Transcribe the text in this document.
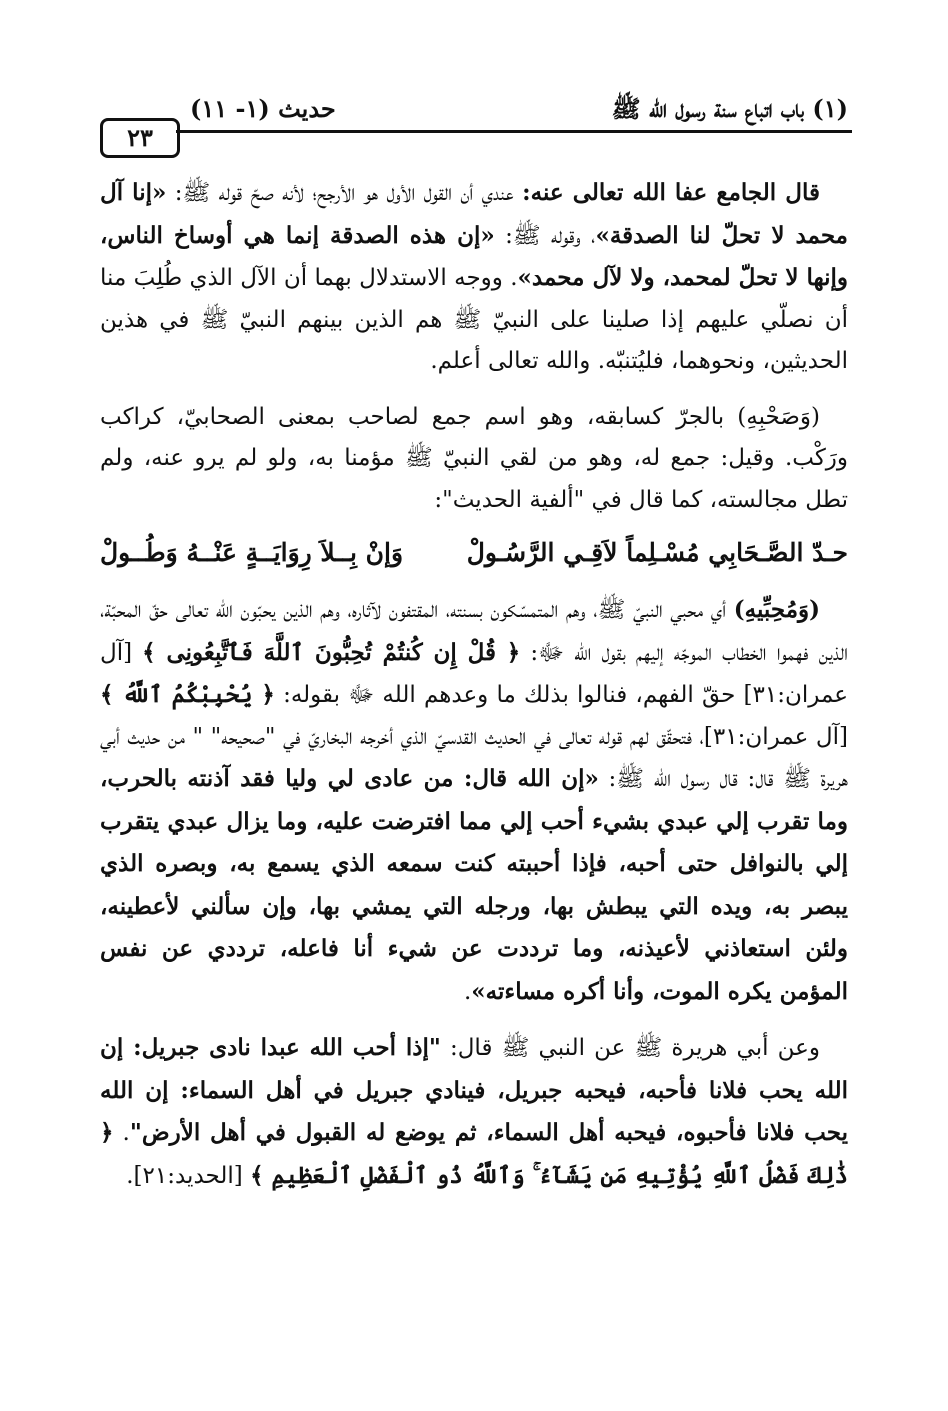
(١) باب اتباع سنة رسول الله ﷺ
حديث (١- ١١)
٢٣

قال الجامع عفا الله تعالى عنه: عندي أن القول الأول هو الأرجح؛ لأنه صحّ قوله ﷺ: «إنا آل محمد لا تحلّ لنا الصدقة»، وقوله ﷺ: «إن هذه الصدقة إنما هي أوساخ الناس، وإنها لا تحلّ لمحمد، ولا لآل محمد». ووجه الاستدلال بهما أن الآل الذي طُلِبَ منا أن نصلّي عليهم إذا صلينا على النبيّ ﷺ هم الذين بينهم النبيّ ﷺ في هذين الحديثين، ونحوهما، فليُتنبّه. والله تعالى أعلم.

(وَصَحْبِهِ) بالجرّ كسابقه، وهو اسم جمع لصاحب بمعنى الصحابيّ، كراكب ورَكْب. وقيل: جمع له، وهو من لقي النبيّ ﷺ مؤمنا به، ولو لم يرو عنه، ولم تطل مجالسته، كما قال في "ألفية الحديث":

حـدّ الصَّـحَابِي مُسْـلِماً لاَقِـي الرَّسُـولْ
وَإنْ بِــلاَ رِوَايَــةٍ عَنْــهُ وَطُــولْ

(وَمُحِبِّيهِ) أي محبي النبيّ ﷺ، وهم المتمسّكون بسنته، المقتفون لآثاره، وهم الذين يحبّون الله تعالى حقّ المحبّة، الذين فهموا الخطاب الموجّه إليهم بقول الله ﷻ: ﴿ قُلْ إِن كُنتُمْ تُحِبُّونَ ٱللَّهَ فَٱتَّبِعُونِى ﴾ [آل عمران:٣١] حقّ الفهم، فنالوا بذلك ما وعدهم الله ﷻ بقوله: ﴿ يُحْبِبْكُمُ ٱللَّهُ ﴾ [آل عمران:٣١]، فتحقّق لهم قوله تعالى في الحديث القدسيّ الذي أخرجه البخاريّ في "صحيحه" " من حديث أبي هريرة ﷺ قال: قال رسول الله ﷺ: «إن الله قال: من عادى لي وليا فقد آذنته بالحرب، وما تقرب إلي عبدي بشيء أحب إلي مما افترضت عليه، وما يزال عبدي يتقرب إلي بالنوافل حتى أحبه، فإذا أحببته كنت سمعه الذي يسمع به، وبصره الذي يبصر به، ويده التي يبطش بها، ورجله التي يمشي بها، وإن سألني لأعطينه، ولئن استعاذني لأعيذنه، وما ترددت عن شيء أنا فاعله، ترددي عن نفس المؤمن يكره الموت، وأنا أكره مساءته».

وعن أبي هريرة ﷺ عن النبي ﷺ قال: "إذا أحب الله عبدا نادى جبريل: إن الله يحب فلانا فأحبه، فيحبه جبريل، فينادي جبريل في أهل السماء: إن الله يحب فلانا فأحبوه، فيحبه أهل السماء، ثم يوضع له القبول في أهل الأرض". ﴿ ذَٰلِكَ فَضْلُ ٱللَّهِ يُؤْتِيهِ مَن يَشَآءُ ۚ وَٱللَّهُ ذُو ٱلْفَضْلِ ٱلْعَظِيمِ ﴾ [الحديد:٢١].
